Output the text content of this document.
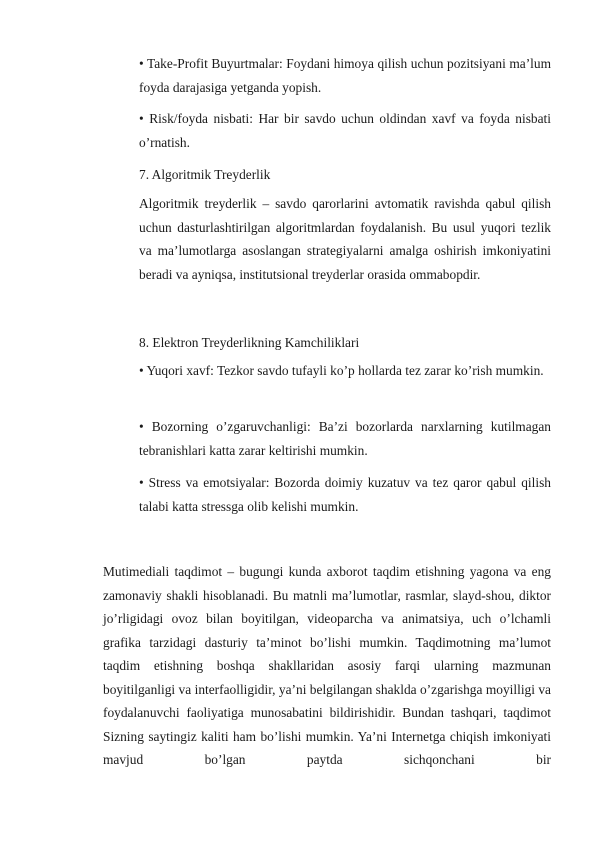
• Take-Profit Buyurtmalar: Foydani himoya qilish uchun pozitsiyani ma’lum foyda darajasiga yetganda yopish.

• Risk/foyda nisbati: Har bir savdo uchun oldindan xavf va foyda nisbati o’rnatish.

7. Algoritmik Treyderlik

Algoritmik treyderlik – savdo qarorlarini avtomatik ravishda qabul qilish uchun dasturlashtirilgan algoritmlardan foydalanish. Bu usul yuqori tezlik va ma’lumotlarga asoslangan strategiyalarni amalga oshirish imkoniyatini beradi va ayniqsa, institutsional treyderlar orasida ommabopdir.

8. Elektron Treyderlikning Kamchiliklari

• Yuqori xavf: Tezkor savdo tufayli ko’p hollarda tez zarar ko’rish mumkin.

• Bozorning o’zgaruvchanligi: Ba’zi bozorlarda narxlarning kutilmagan tebranishlari katta zarar keltirishi mumkin.

• Stress va emotsiyalar: Bozorda doimiy kuzatuv va tez qaror qabul qilish talabi katta stressga olib kelishi mumkin.

Mutimediali taqdimot – bugungi kunda axborot taqdim etishning yagona va eng zamonaviy shakli hisoblanadi. Bu matnli ma’lumotlar, rasmlar, slayd-shou, diktor jo’rligidagi ovoz bilan boyitilgan, videoparcha va animatsiya, uch o’lchamli grafika tarzidagi dasturiy ta’minot bo’lishi mumkin. Taqdimotning ma’lumot taqdim etishning boshqa shakllaridan asosiy farqi ularning mazmunan boyitilganligi va interfaolligidir, ya’ni belgilangan shaklda o’zgarishga moyilligi va foydalanuvchi faoliyatiga munosabatini bildirishidir. Bundan tashqari, taqdimot Sizning saytingiz kaliti ham bo’lishi mumkin. Ya’ni Internetga chiqish imkoniyati mavjud bo’lgan paytda sichqonchani bir
